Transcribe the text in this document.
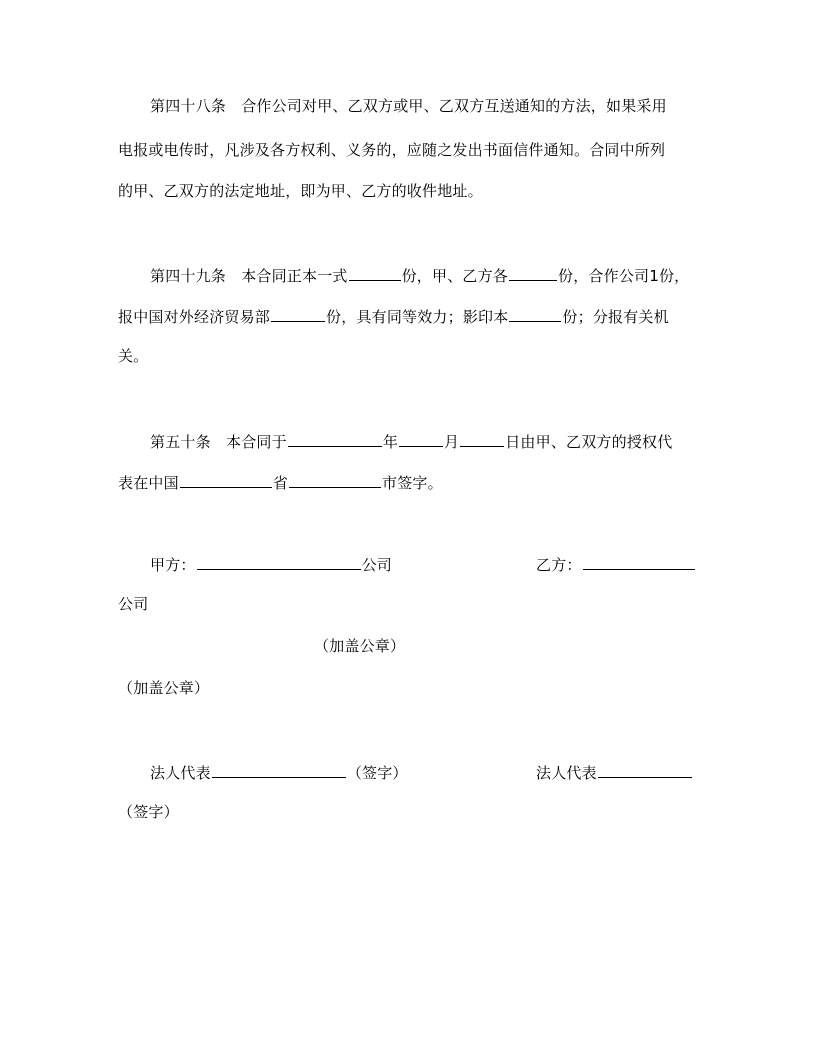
第四十八条　合作公司对甲、乙双方或甲、乙双方互送通知的方法，如果采用
电报或电传时，凡涉及各方权利、义务的，应随之发出书面信件通知。合同中所列
的甲、乙双方的法定地址，即为甲、乙方的收件地址。
第四十九条　本合同正本一式	份，甲、乙方各	份，合作公司1份，
报中国对外经济贸易部	份，具有同等效力；影印本	份；分报有关机
关。
第五十条　本合同于	年	月	日由甲、乙双方的授权代
表在中国	省	市签字。
甲方：	公司	乙方：
公司
（加盖公章）
（加盖公章）
法人代表	（签字）	法人代表
（签字）
